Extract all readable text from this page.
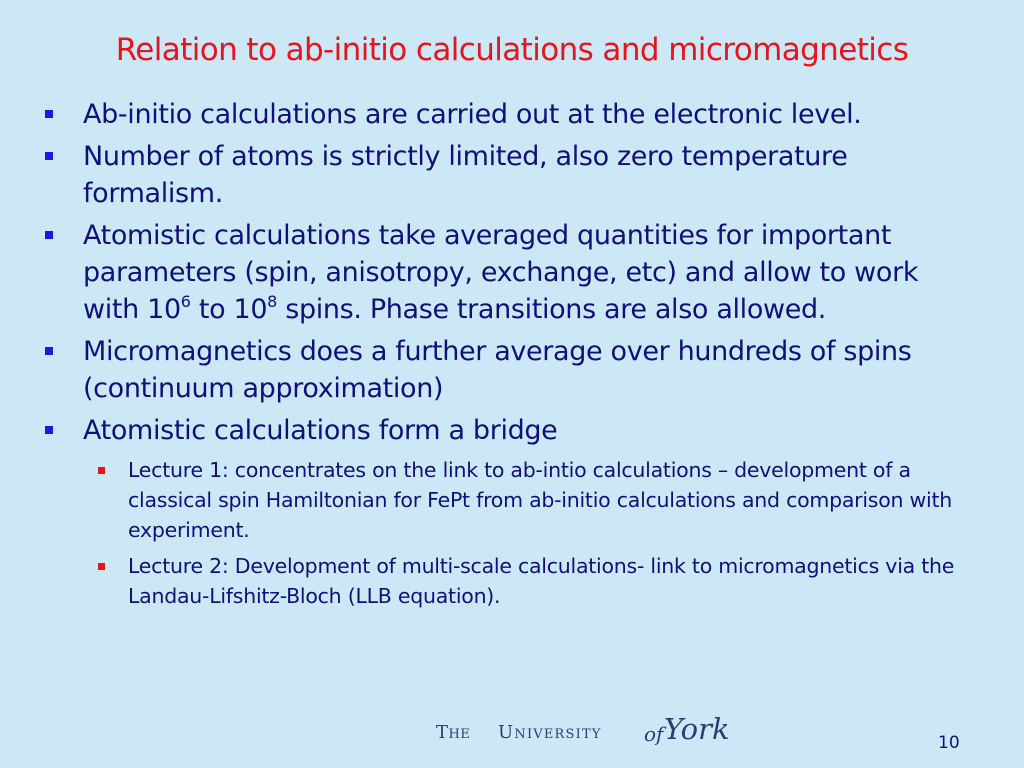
Relation to ab-initio calculations and micromagnetics
Ab-initio calculations are carried out at the electronic level.
Number of atoms is strictly limited, also zero temperature formalism.
Atomistic calculations take averaged quantities for important parameters (spin, anisotropy, exchange, etc) and allow to work with $10^6$ to $10^8$ spins. Phase transitions are also allowed.
Micromagnetics does a further average over hundreds of spins (continuum approximation)
Atomistic calculations form a bridge
Lecture 1: concentrates on the link to ab-intio calculations – development of a classical spin Hamiltonian for FePt from ab-initio calculations and comparison with experiment.
Lecture 2: Development of multi-scale calculations- link to micromagnetics via the Landau-Lifshitz-Bloch (LLB equation).
The University of York	10
